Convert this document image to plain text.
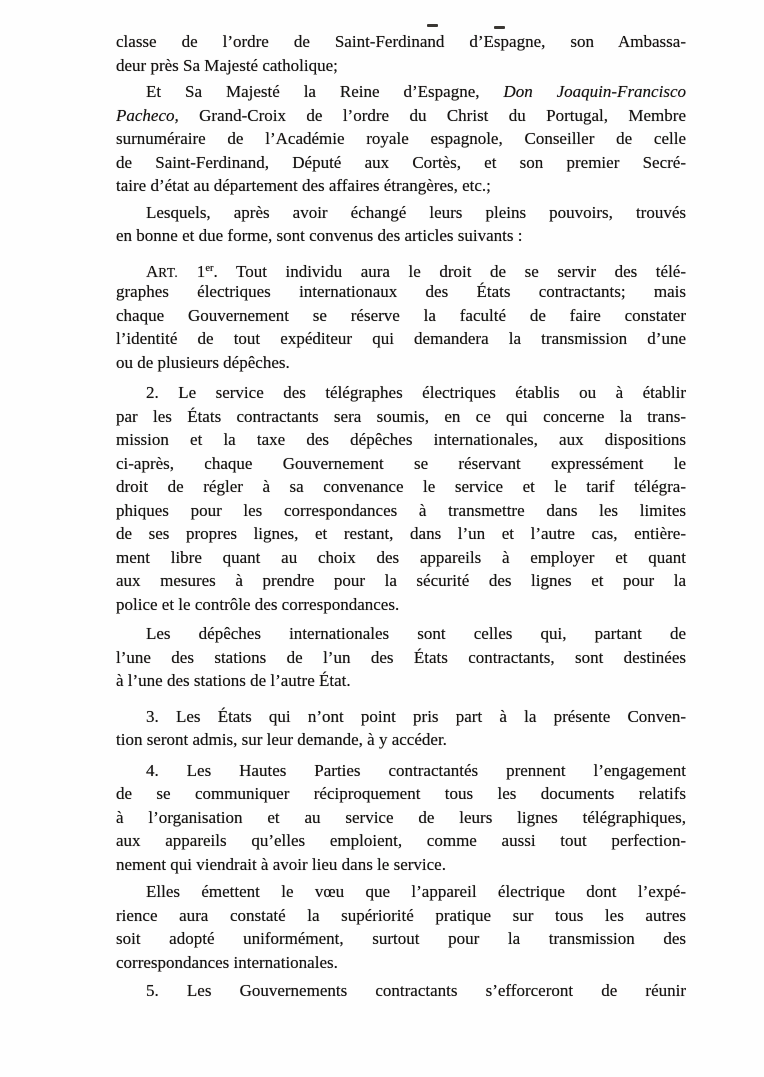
classe de l’ordre de Saint-Ferdinand d’Espagne, son Ambassa-
deur près Sa Majesté catholique;
Et Sa Majesté la Reine d’Espagne, Don Joaquin-Francisco
Pacheco, Grand-Croix de l’ordre du Christ du Portugal, Membre
surnuméraire de l’Académie royale espagnole, Conseiller de celle
de Saint-Ferdinand, Député aux Cortès, et son premier Secré-
taire d’état au département des affaires étrangères, etc.;
Lesquels, après avoir échangé leurs pleins pouvoirs, trouvés
en bonne et due forme, sont convenus des articles suivants :
ART. 1er. Tout individu aura le droit de se servir des télé-
graphes électriques internationaux des États contractants; mais
chaque Gouvernement se réserve la faculté de faire constater
l’identité de tout expéditeur qui demandera la transmission d’une
ou de plusieurs dépêches.
2. Le service des télégraphes électriques établis ou à établir
par les États contractants sera soumis, en ce qui concerne la trans-
mission et la taxe des dépêches internationales, aux dispositions
ci-après, chaque Gouvernement se réservant expressément le
droit de régler à sa convenance le service et le tarif télégra-
phiques pour les correspondances à transmettre dans les limites
de ses propres lignes, et restant, dans l’un et l’autre cas, entière-
ment libre quant au choix des appareils à employer et quant
aux mesures à prendre pour la sécurité des lignes et pour la
police et le contrôle des correspondances.
Les dépêches internationales sont celles qui, partant de
l’une des stations de l’un des États contractants, sont destinées
à l’une des stations de l’autre État.
3. Les États qui n’ont point pris part à la présente Conven-
tion seront admis, sur leur demande, à y accéder.
4. Les Hautes Parties contractantés prennent l’engagement
de se communiquer réciproquement tous les documents relatifs
à l’organisation et au service de leurs lignes télégraphiques,
aux appareils qu’elles emploient, comme aussi tout perfection-
nement qui viendrait à avoir lieu dans le service.
Elles émettent le vœu que l’appareil électrique dont l’expé-
rience aura constaté la supériorité pratique sur tous les autres
soit adopté uniformément, surtout pour la transmission des
correspondances internationales.
5. Les Gouvernements contractants s’efforceront de réunir
